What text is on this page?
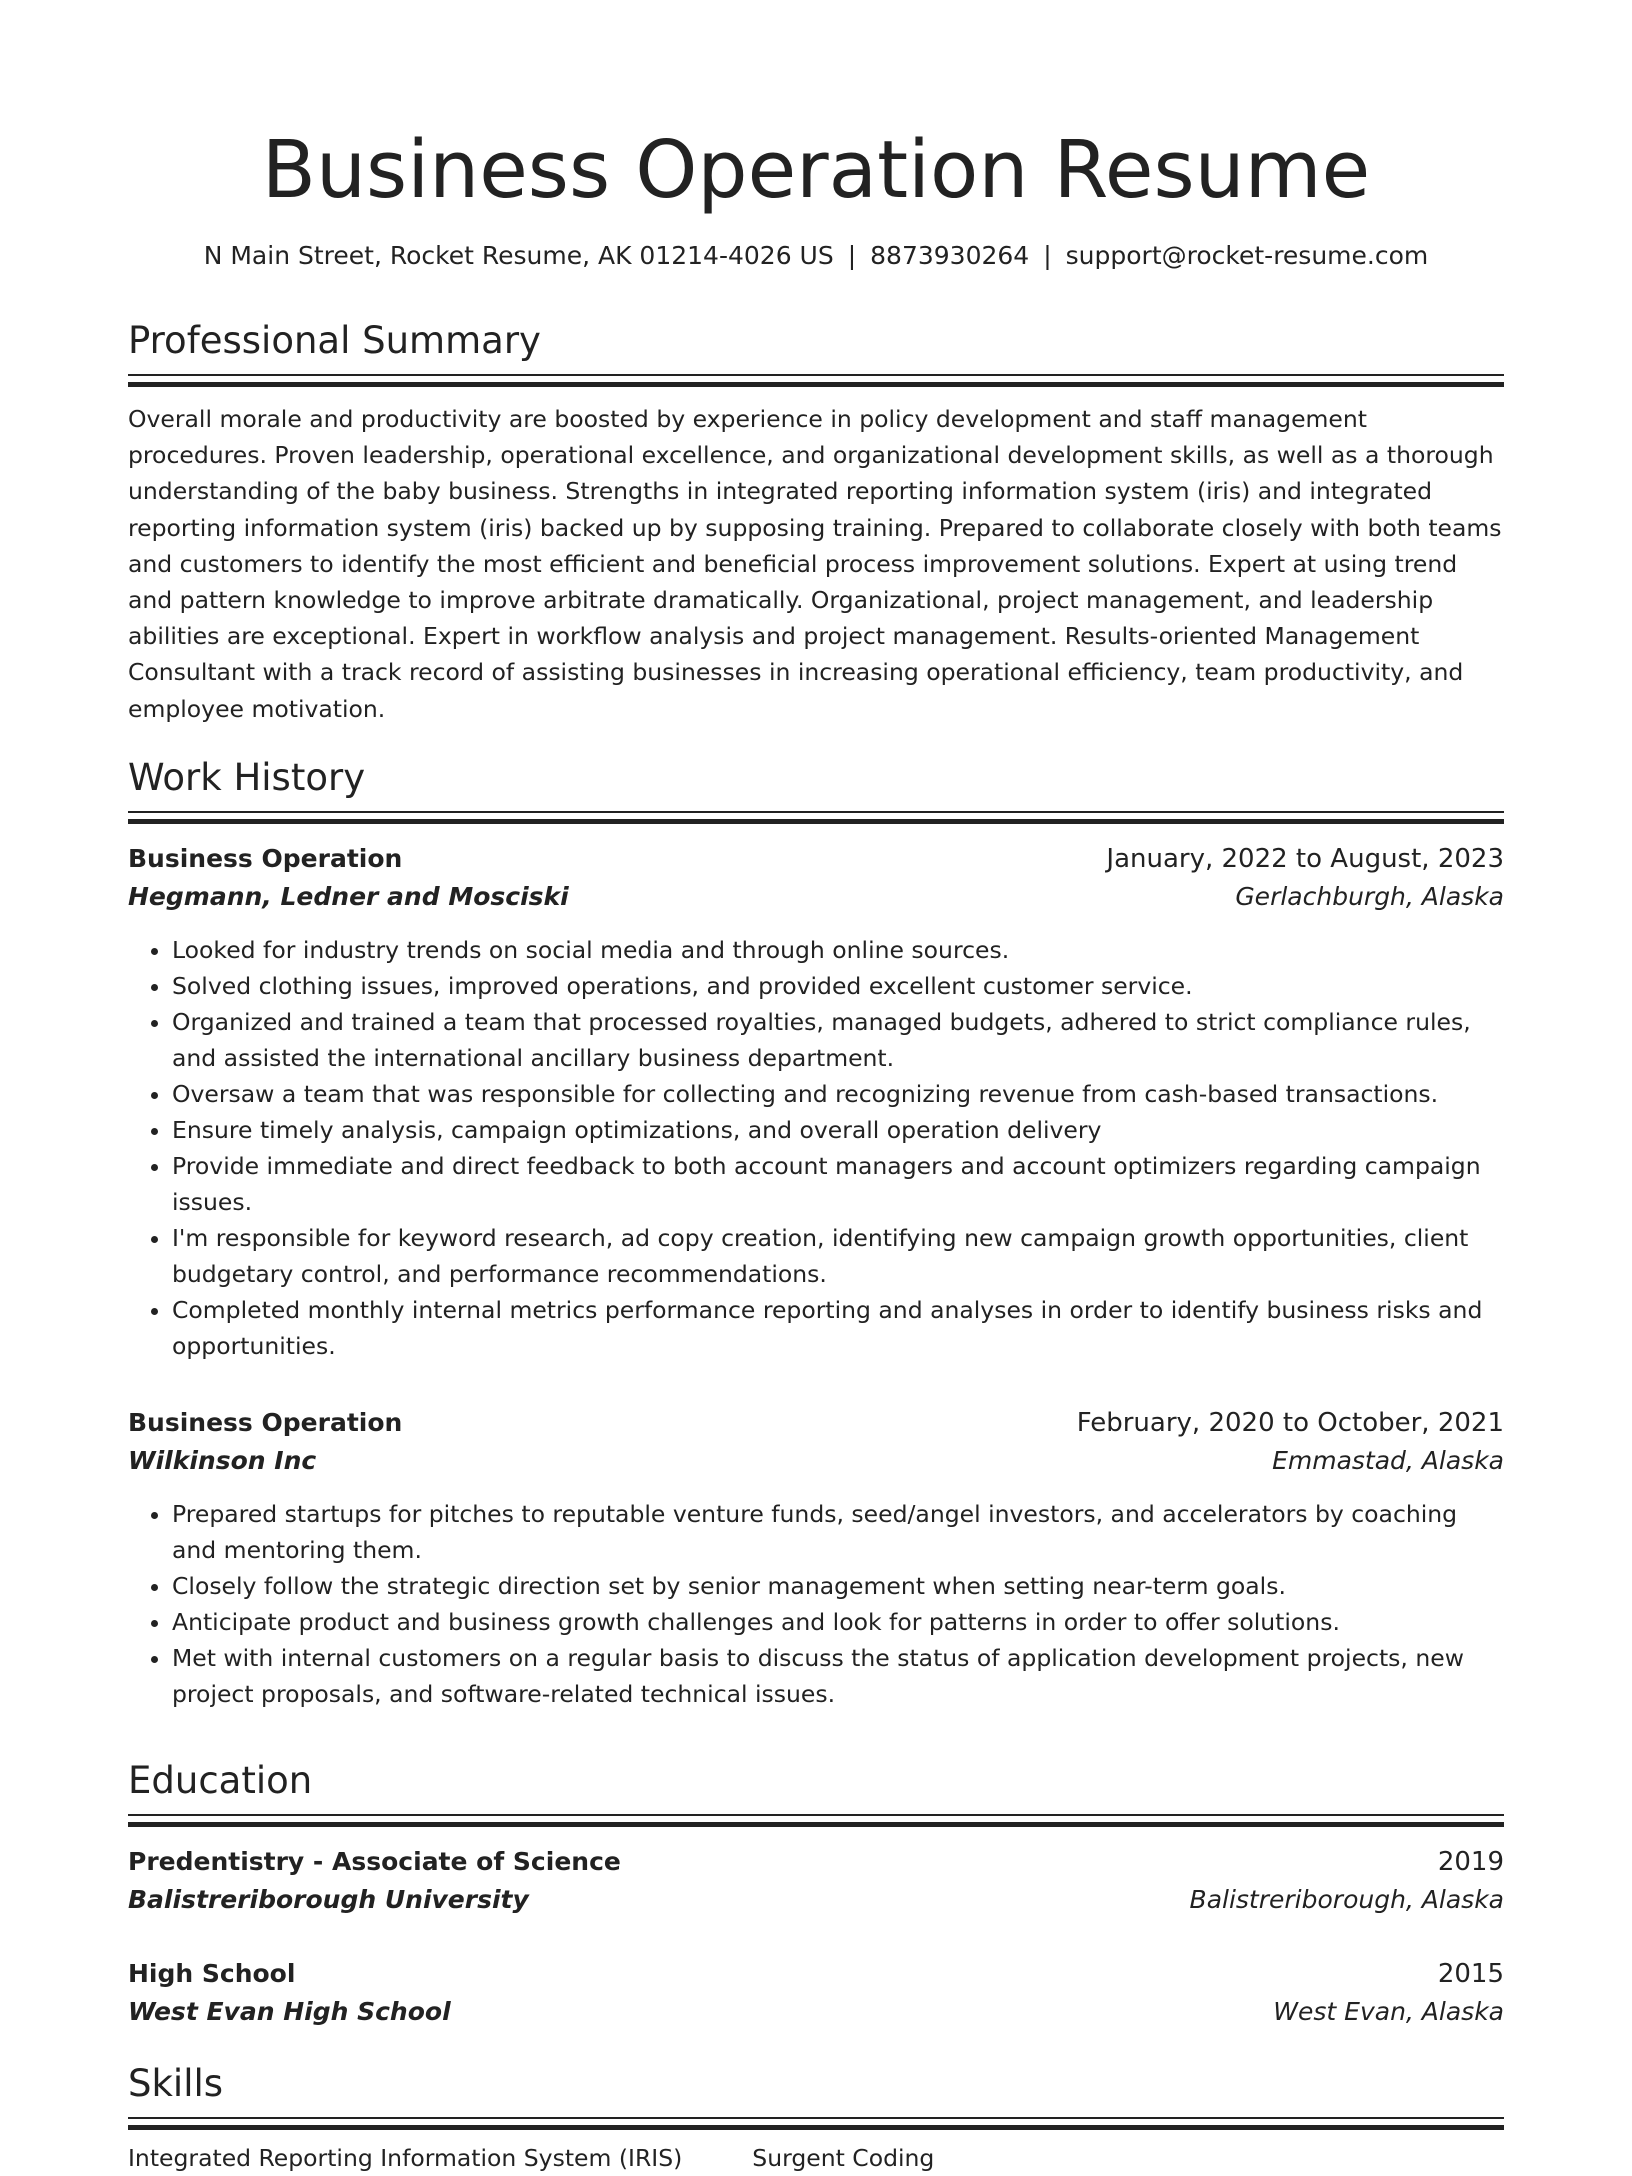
Business Operation Resume
N Main Street, Rocket Resume, AK 01214-4026 US | 8873930264 | support@rocket-resume.com
Professional Summary
Overall morale and productivity are boosted by experience in policy development and staff management procedures. Proven leadership, operational excellence, and organizational development skills, as well as a thorough understanding of the baby business. Strengths in integrated reporting information system (iris) and integrated reporting information system (iris) backed up by supposing training. Prepared to collaborate closely with both teams and customers to identify the most efficient and beneficial process improvement solutions. Expert at using trend and pattern knowledge to improve arbitrate dramatically. Organizational, project management, and leadership abilities are exceptional. Expert in workflow analysis and project management. Results-oriented Management Consultant with a track record of assisting businesses in increasing operational efficiency, team productivity, and employee motivation.
Work History
Business Operation	January, 2022 to August, 2023
Hegmann, Ledner and Mosciski	Gerlachburgh, Alaska
• Looked for industry trends on social media and through online sources.
• Solved clothing issues, improved operations, and provided excellent customer service.
• Organized and trained a team that processed royalties, managed budgets, adhered to strict compliance rules, and assisted the international ancillary business department.
• Oversaw a team that was responsible for collecting and recognizing revenue from cash-based transactions.
• Ensure timely analysis, campaign optimizations, and overall operation delivery
• Provide immediate and direct feedback to both account managers and account optimizers regarding campaign issues.
• I'm responsible for keyword research, ad copy creation, identifying new campaign growth opportunities, client budgetary control, and performance recommendations.
• Completed monthly internal metrics performance reporting and analyses in order to identify business risks and opportunities.
Business Operation	February, 2020 to October, 2021
Wilkinson Inc	Emmastad, Alaska
• Prepared startups for pitches to reputable venture funds, seed/angel investors, and accelerators by coaching and mentoring them.
• Closely follow the strategic direction set by senior management when setting near-term goals.
• Anticipate product and business growth challenges and look for patterns in order to offer solutions.
• Met with internal customers on a regular basis to discuss the status of application development projects, new project proposals, and software-related technical issues.
Education
Predentistry - Associate of Science	2019
Balistreriborough University	Balistreriborough, Alaska
High School	2015
West Evan High School	West Evan, Alaska
Skills
Integrated Reporting Information System (IRIS)	Surgent Coding
